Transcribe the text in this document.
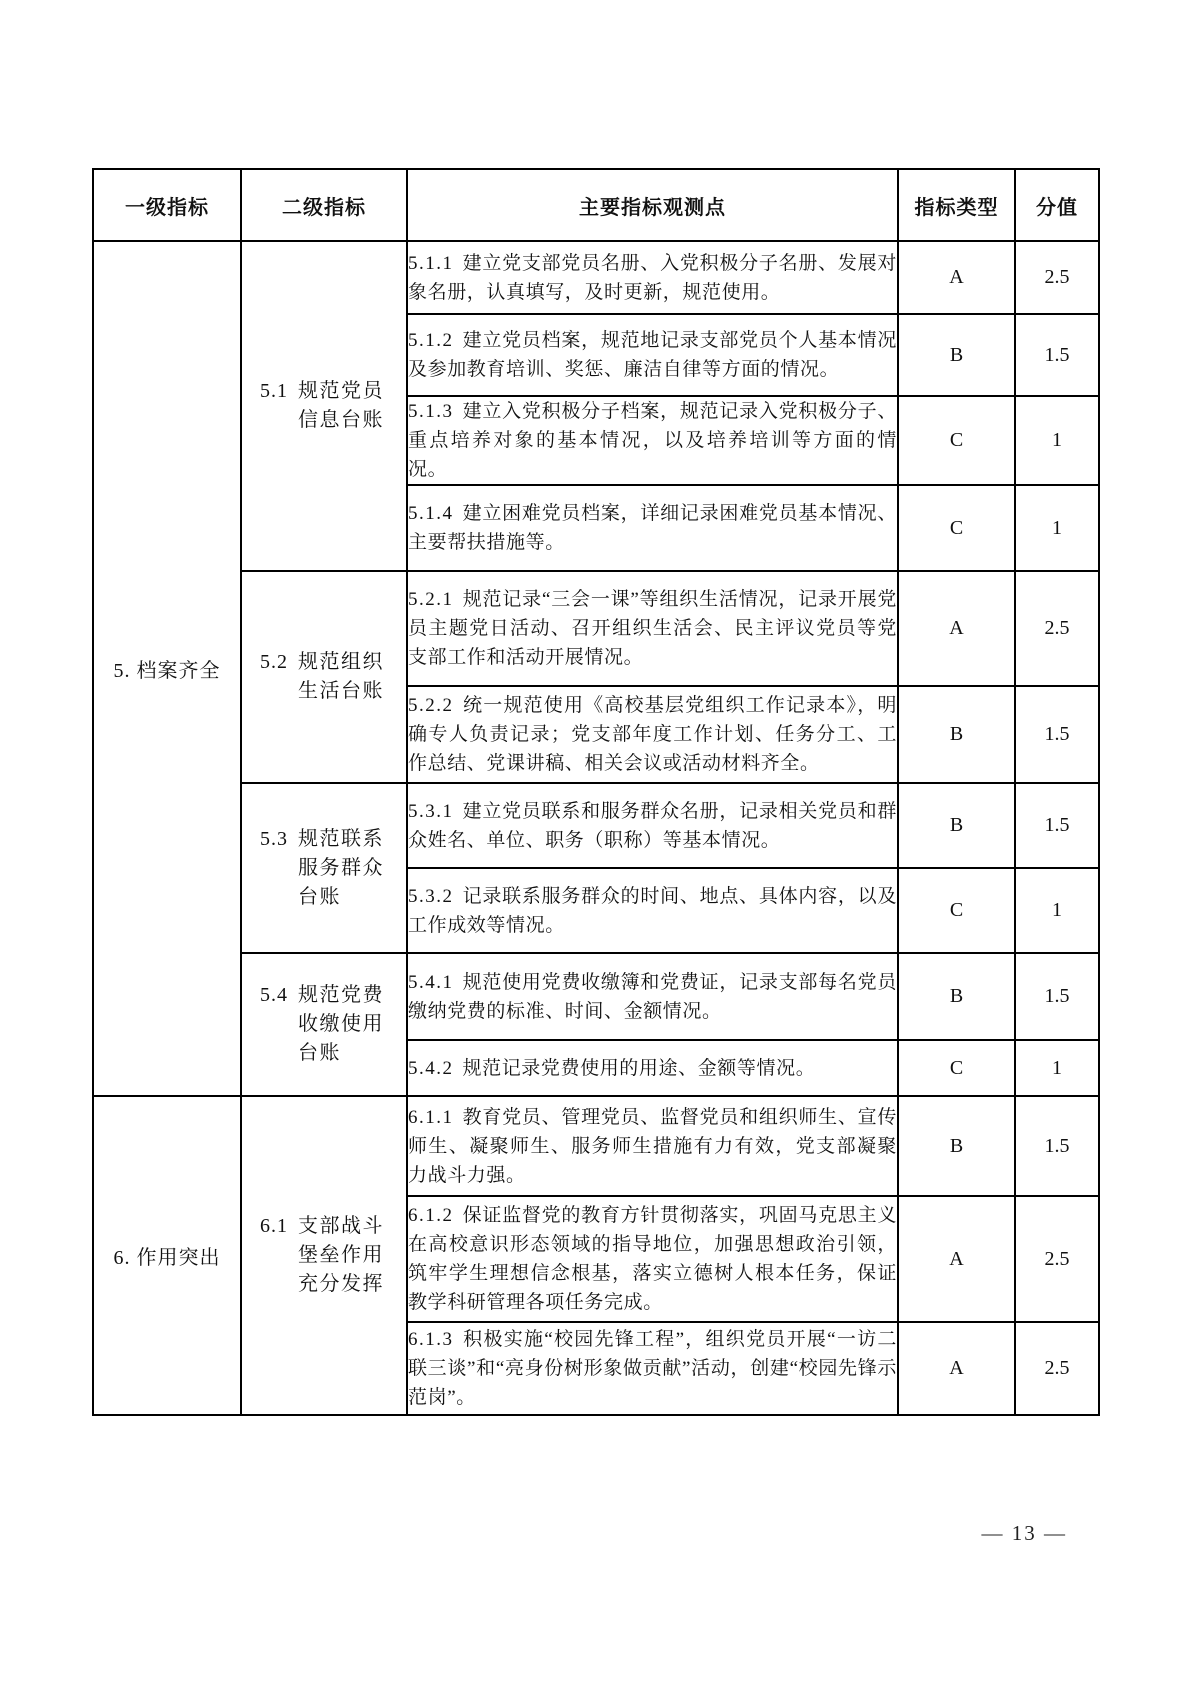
一级指标	二级指标	主要指标观测点	指标类型	分值
5. 档案齐全	5.1 规范党员信息台账	5.1.1 建立党支部党员名册、入党积极分子名册、发展对象名册，认真填写，及时更新，规范使用。	A	2.5
		5.1.2 建立党员档案，规范地记录支部党员个人基本情况及参加教育培训、奖惩、廉洁自律等方面的情况。	B	1.5
		5.1.3 建立入党积极分子档案，规范记录入党积极分子、重点培养对象的基本情况，以及培养培训等方面的情况。	C	1
		5.1.4 建立困难党员档案，详细记录困难党员基本情况、主要帮扶措施等。	C	1

	5.2 规范组织生活台账	5.2.1 规范记录“三会一课”等组织生活情况，记录开展党员主题党日活动、召开组织生活会、民主评议党员等党支部工作和活动开展情况。	A	2.5
		5.2.2 统一规范使用《高校基层党组织工作记录本》，明确专人负责记录；党支部年度工作计划、任务分工、工作总结、党课讲稿、相关会议或活动材料齐全。	B	1.5

	5.3 规范联系服务群众台账	5.3.1 建立党员联系和服务群众名册，记录相关党员和群众姓名、单位、职务（职称）等基本情况。	B	1.5
		5.3.2 记录联系服务群众的时间、地点、具体内容，以及工作成效等情况。	C	1

	5.4 规范党费收缴使用台账	5.4.1 规范使用党费收缴簿和党费证，记录支部每名党员缴纳党费的标准、时间、金额情况。	B	1.5
		5.4.2 规范记录党费使用的用途、金额等情况。	C	1
6. 作用突出	6.1 支部战斗堡垒作用充分发挥	6.1.1 教育党员、管理党员、监督党员和组织师生、宣传师生、凝聚师生、服务师生措施有力有效，党支部凝聚力战斗力强。	B	1.5
		6.1.2 保证监督党的教育方针贯彻落实，巩固马克思主义在高校意识形态领域的指导地位，加强思想政治引领，筑牢学生理想信念根基，落实立德树人根本任务，保证教学科研管理各项任务完成。	A	2.5
		6.1.3 积极实施“校园先锋工程”，组织党员开展“一访二联三谈”和“亮身份树形象做贡献”活动，创建“校园先锋示范岗”。	A	2.5
— 13 —
